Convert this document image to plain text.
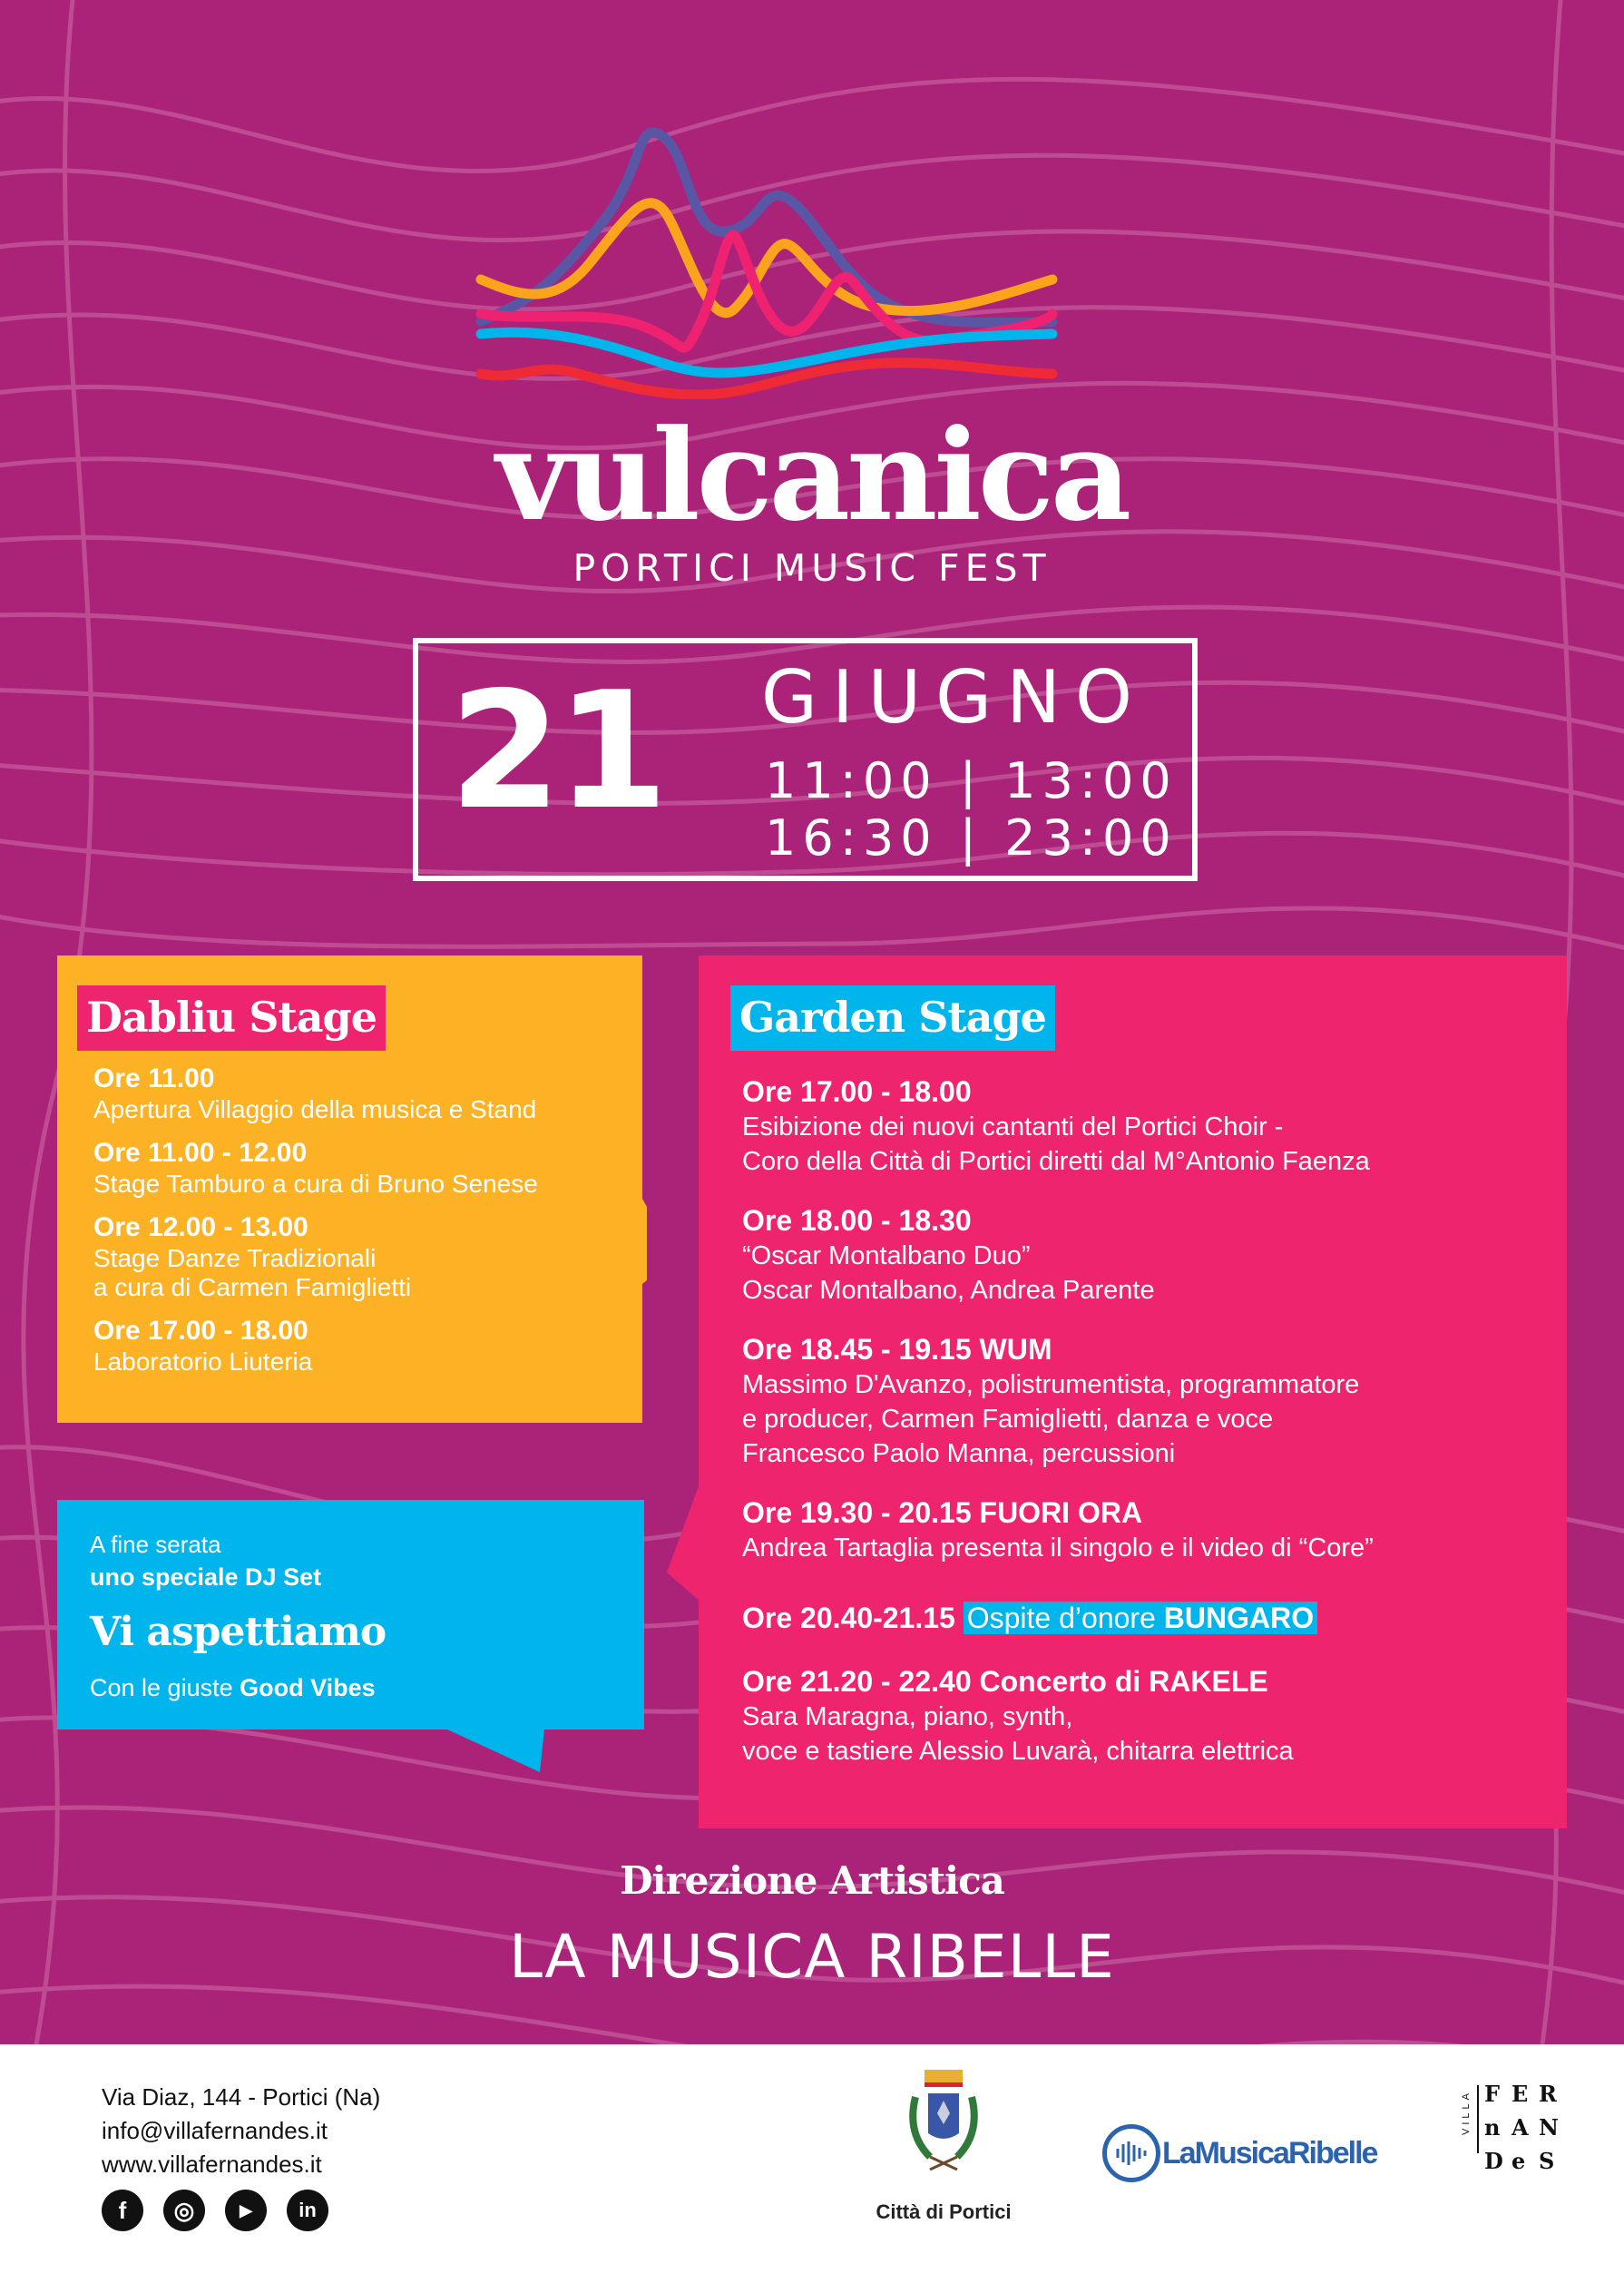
vulcanica
PORTICI MUSIC FEST
21 GIUGNO
11:00 | 13:00
16:30 | 23:00
Dabliu Stage
Ore 11.00
Apertura Villaggio della musica e Stand
Ore 11.00 - 12.00
Stage Tamburo a cura di Bruno Senese
Ore 12.00 - 13.00
Stage Danze Tradizionali
a cura di Carmen Famiglietti
Ore 17.00 - 18.00
Laboratorio Liuteria
A fine serata
uno speciale DJ Set
Vi aspettiamo
Con le giuste Good Vibes
Garden Stage
Ore 17.00 - 18.00
Esibizione dei nuovi cantanti del Portici Choir -
Coro della Città di Portici diretti dal M°Antonio Faenza
Ore 18.00 - 18.30
“Oscar Montalbano Duo”
Oscar Montalbano, Andrea Parente
Ore 18.45 - 19.15 WUM
Massimo D'Avanzo, polistrumentista, programmatore
e producer, Carmen Famiglietti, danza e voce
Francesco Paolo Manna, percussioni
Ore 19.30 - 20.15 FUORI ORA
Andrea Tartaglia presenta il singolo e il video di “Core”
Ore 20.40-21.15 Ospite d’onore BUNGARO
Ore 21.20 - 22.40 Concerto di RAKELE
Sara Maragna, piano, synth,
voce e tastiere Alessio Luvarà, chitarra elettrica
Direzione Artistica
LA MUSICA RIBELLE
Via Diaz, 144 - Portici (Na)
info@villafernandes.it
www.villafernandes.it
f	◎	▶	in	Città di Portici
LaMusicaRibelle
VILLA F E R
n A N
D e S
